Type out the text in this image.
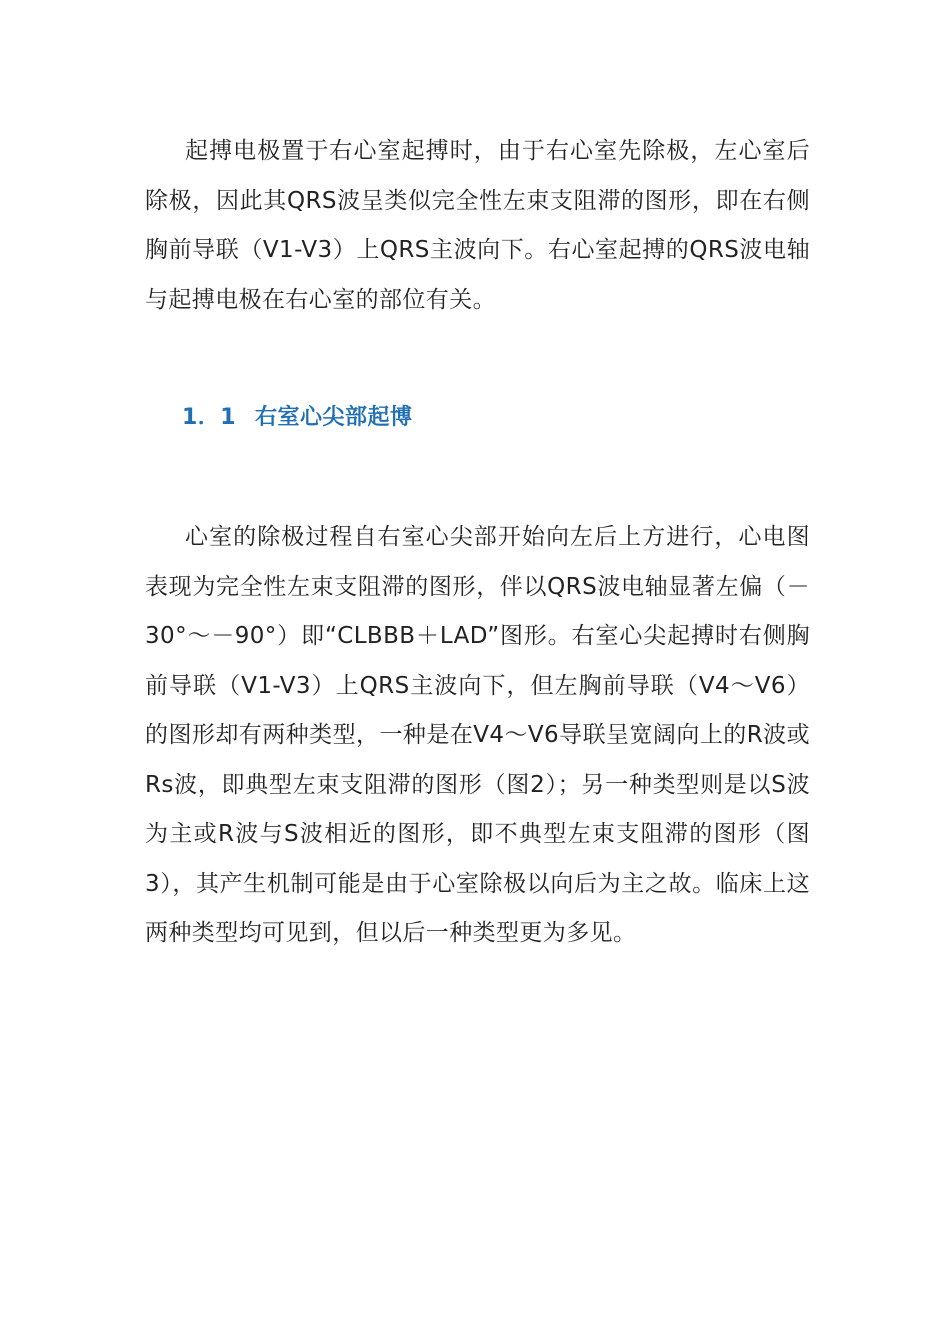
起搏电极置于右心室起搏时，由于右心室先除极，左心室后除极，因此其QRS波呈类似完全性左束支阻滞的图形，即在右侧胸前导联（V1-V3）上QRS主波向下。右心室起搏的QRS波电轴与起搏电极在右心室的部位有关。

1．1 右室心尖部起博

心室的除极过程自右室心尖部开始向左后上方进行，心电图表现为完全性左束支阻滞的图形，伴以QRS波电轴显著左偏（－30°～－90°）即“CLBBB＋LAD”图形。右室心尖起搏时右侧胸前导联（V1-V3）上QRS主波向下，但左胸前导联（V4～V6）的图形却有两种类型，一种是在V4～V6导联呈宽阔向上的R波或Rs波，即典型左束支阻滞的图形（图2）；另一种类型则是以S波为主或R波与S波相近的图形，即不典型左束支阻滞的图形（图3），其产生机制可能是由于心室除极以向后为主之故。临床上这两种类型均可见到，但以后一种类型更为多见。
